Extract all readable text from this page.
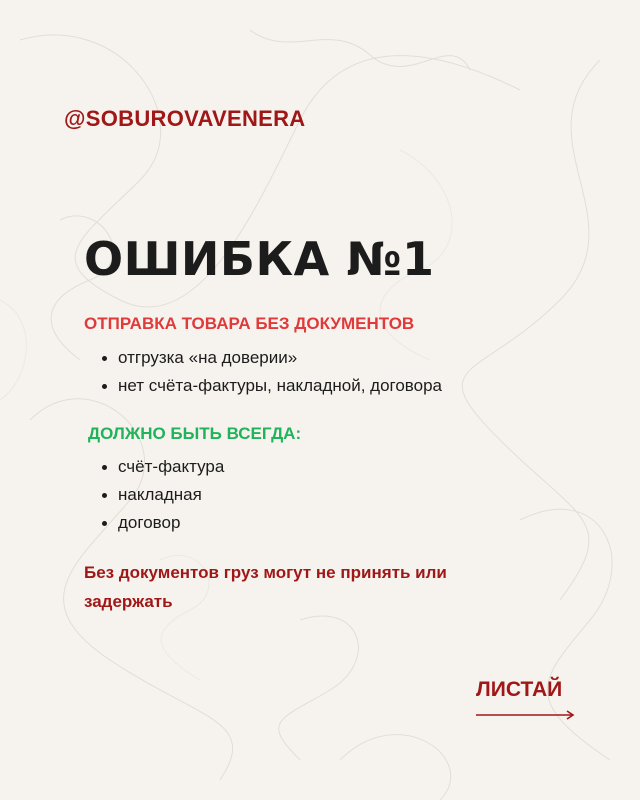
@SOBUROVAVENERA
ОШИБКА №1
ОТПРАВКА ТОВАРА БЕЗ ДОКУМЕНТОВ
отгрузка «на доверии»
нет счёта-фактуры, накладной, договора
ДОЛЖНО БЫТЬ ВСЕГДА:
счёт-фактура
накладная
договор
Без документов груз могут не принять или задержать
ЛИСТАЙ
